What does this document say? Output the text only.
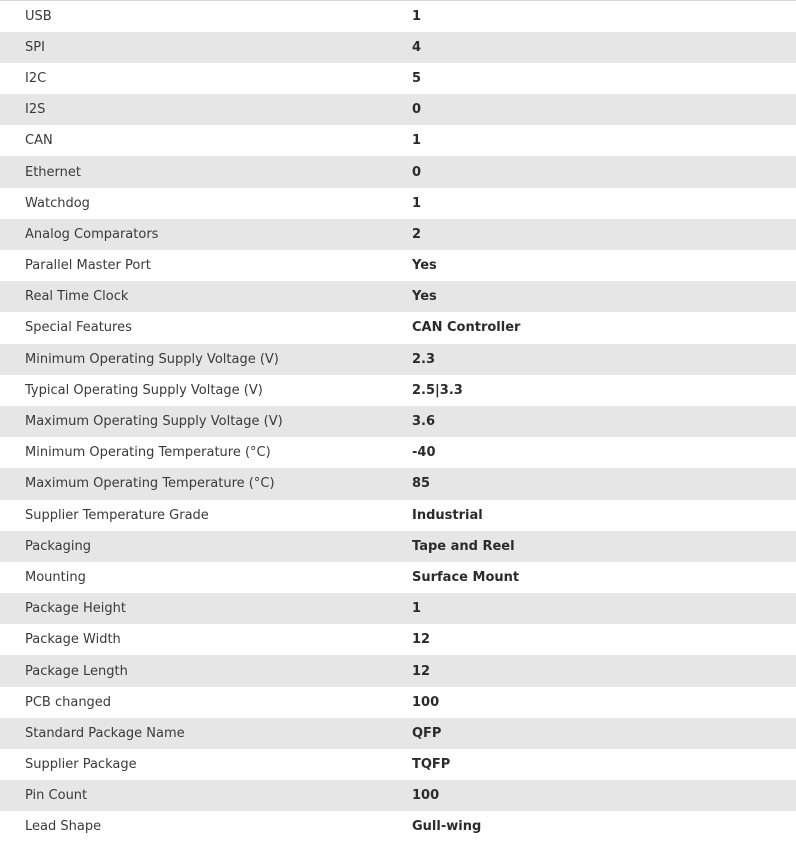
USB	1
SPI	4
I2C	5
I2S	0
CAN	1
Ethernet	0
Watchdog	1
Analog Comparators	2
Parallel Master Port	Yes
Real Time Clock	Yes
Special Features	CAN Controller
Minimum Operating Supply Voltage (V)	2.3
Typical Operating Supply Voltage (V)	2.5|3.3
Maximum Operating Supply Voltage (V)	3.6
Minimum Operating Temperature (°C)	-40
Maximum Operating Temperature (°C)	85
Supplier Temperature Grade	Industrial
Packaging	Tape and Reel
Mounting	Surface Mount
Package Height	1
Package Width	12
Package Length	12
PCB changed	100
Standard Package Name	QFP
Supplier Package	TQFP
Pin Count	100
Lead Shape	Gull-wing
